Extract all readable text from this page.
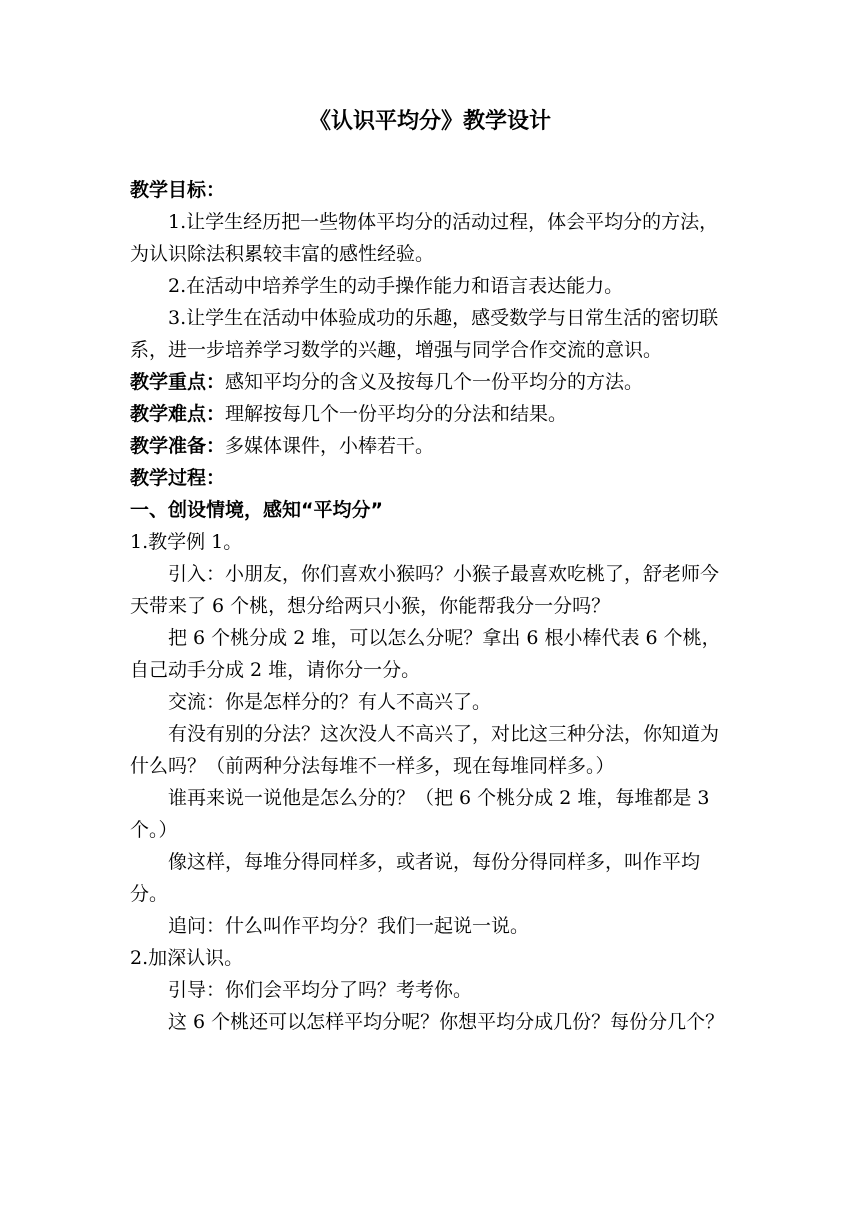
《认识平均分》教学设计

教学目标：

1.让学生经历把一些物体平均分的活动过程，体会平均分的方法，为认识除法积累较丰富的感性经验。

2.在活动中培养学生的动手操作能力和语言表达能力。

3.让学生在活动中体验成功的乐趣，感受数学与日常生活的密切联系，进一步培养学习数学的兴趣，增强与同学合作交流的意识。

教学重点：感知平均分的含义及按每几个一份平均分的方法。

教学难点：理解按每几个一份平均分的分法和结果。

教学准备：多媒体课件，小棒若干。

教学过程：

一、创设情境，感知“平均分”

1.教学例 1。

引入：小朋友，你们喜欢小猴吗？小猴子最喜欢吃桃了，舒老师今天带来了 6 个桃，想分给两只小猴，你能帮我分一分吗？

把 6 个桃分成 2 堆，可以怎么分呢？拿出 6 根小棒代表 6 个桃，自己动手分成 2 堆，请你分一分。

交流：你是怎样分的？有人不高兴了。

有没有别的分法？这次没人不高兴了，对比这三种分法，你知道为什么吗？（前两种分法每堆不一样多，现在每堆同样多。）

谁再来说一说他是怎么分的？（把 6 个桃分成 2 堆，每堆都是 3 个。）

像这样，每堆分得同样多，或者说，每份分得同样多，叫作平均分。

追问：什么叫作平均分？我们一起说一说。

2.加深认识。

引导：你们会平均分了吗？考考你。

这 6 个桃还可以怎样平均分呢？你想平均分成几份？每份分几个？
